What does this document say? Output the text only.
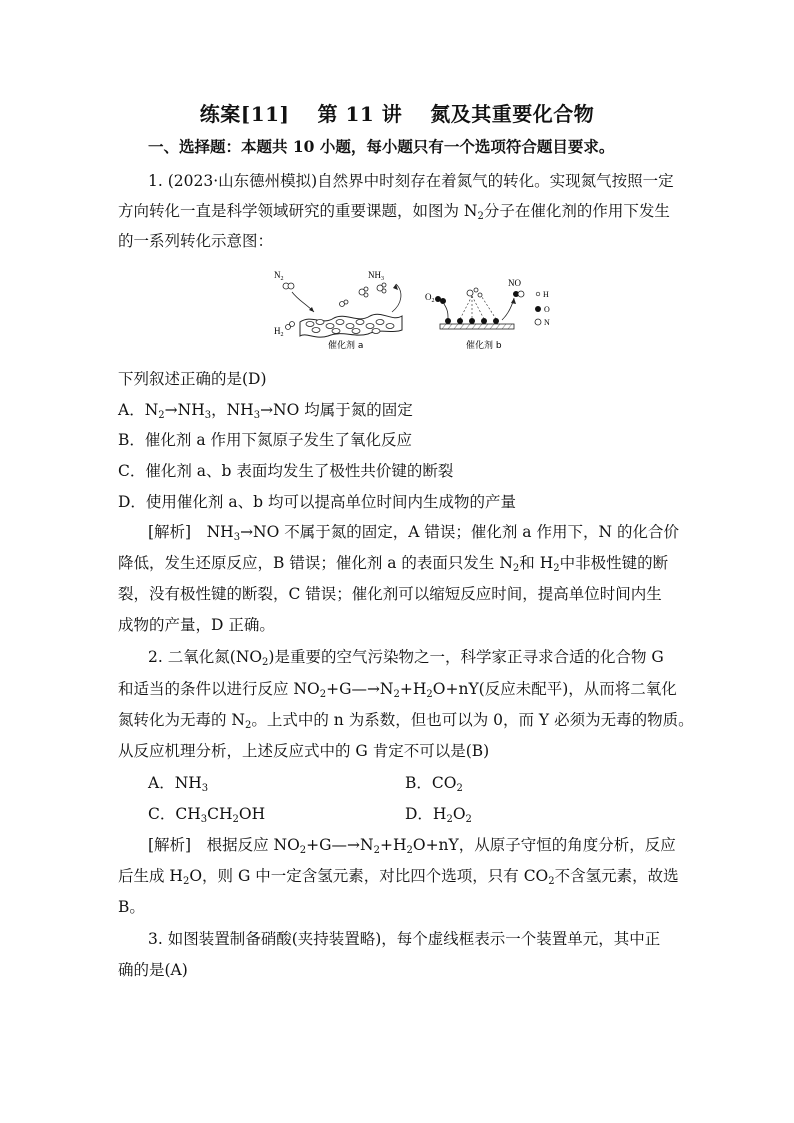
练案[11] 第 11 讲 氮及其重要化合物
一、选择题：本题共 10 小题，每小题只有一个选项符合题目要求。
1. (2023·山东德州模拟)自然界中时刻存在着氮气的转化。实现氮气按照一定
方向转化一直是科学领域研究的重要课题，如图为 $N_2$分子在催化剂的作用下发生
的一系列转化示意图：
$N_2$
$H_2$
$NH_3$
催化剂 a
$O_2$
NO
催化剂 b
H
O
N
下列叙述正确的是(D)
A．$N_2\to NH_3$，$NH_3\to NO$ 均属于氮的固定
B．催化剂 a 作用下氮原子发生了氧化反应
C．催化剂 a、b 表面均发生了极性共价键的断裂
D．使用催化剂 a、b 均可以提高单位时间内生成物的产量
[解析]　$NH_3\to NO$ 不属于氮的固定，A 错误；催化剂 a 作用下，N 的化合价
降低，发生还原反应，B 错误；催化剂 a 的表面只发生 $N_2$和 $H_2$中非极性键的断
裂，没有极性键的断裂，C 错误；催化剂可以缩短反应时间，提高单位时间内生
成物的产量，D 正确。
2. 二氧化氮$(NO_2)$是重要的空气污染物之一，科学家正寻求合适的化合物 G
和适当的条件以进行反应 $NO_2+G—\to N_2+H_2O+nY$(反应未配平)，从而将二氧化
氮转化为无毒的 $N_2$。上式中的 n 为系数，但也可以为 0，而 Y 必须为无毒的物质。
从反应机理分析，上述反应式中的 G 肯定不可以是(B)
A．$NH_3$	B．$CO_2$
C．$CH_3CH_2OH$	D．$H_2O_2$
[解析]　根据反应 $NO_2+G—\to N_2+H_2O+nY$，从原子守恒的角度分析，反应
后生成 $H_2O$，则 G 中一定含氢元素，对比四个选项，只有 $CO_2$不含氢元素，故选
B。
3. 如图装置制备硝酸(夹持装置略)，每个虚线框表示一个装置单元，其中正
确的是(A)
